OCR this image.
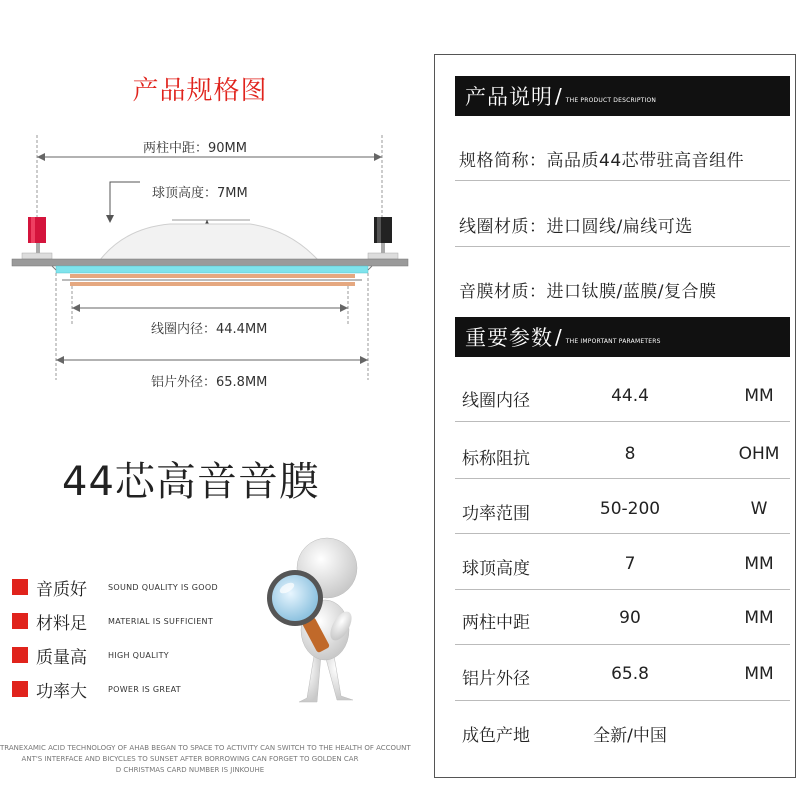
产品规格图
两柱中距：90MM
球顶高度：7MM
线圈内径：44.4MM
铝片外径：65.8MM
44芯高音音膜
音质好	SOUND QUALITY IS GOOD
材料足	MATERIAL IS SUFFICIENT
质量高	HIGH QUALITY
功率大	POWER IS GREAT
TRANEXAMIC ACID TECHNOLOGY OF AHAB BEGAN TO SPACE TO ACTIVITY CAN SWITCH TO THE HEALTH OF ACCOUNT
ANT'S INTERFACE AND BICYCLES TO SUNSET AFTER BORROWING CAN FORGET TO GOLDEN CAR
D CHRISTMAS CARD NUMBER IS JINKOUHE
产品说明 / THE PRODUCT DESCRIPTION
规格简称：高品质44芯带驻高音组件
线圈材质：进口圆线/扁线可选
音膜材质：进口钛膜/蓝膜/复合膜
重要参数 / THE IMPORTANT PARAMETERS
线圈内径	44.4	MM
标称阻抗	8	OHM
功率范围	50-200	W
球顶高度	7	MM
两柱中距	90	MM
铝片外径	65.8	MM
成色产地	全新/中国
